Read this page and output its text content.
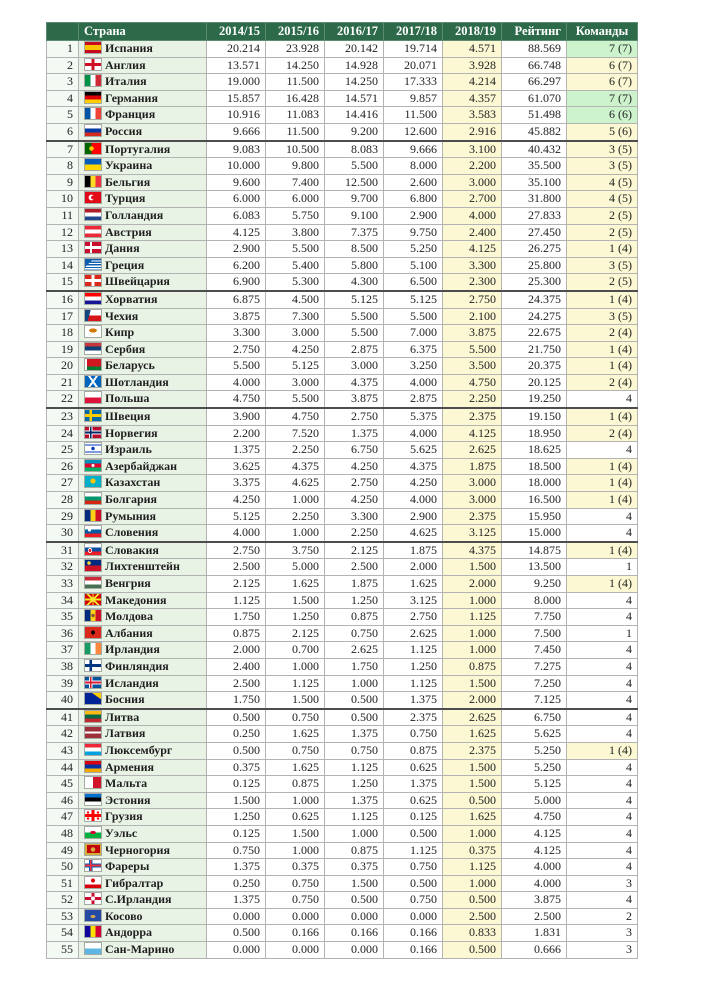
	Страна	2014/15	2015/16	2016/17	2017/18	2018/19	Рейтинг	Команды
1	Испания	20.214	23.928	20.142	19.714	4.571	88.569	7 (7)
2	Англия	13.571	14.250	14.928	20.071	3.928	66.748	6 (7)
3	Италия	19.000	11.500	14.250	17.333	4.214	66.297	6 (7)
4	Германия	15.857	16.428	14.571	9.857	4.357	61.070	7 (7)
5	Франция	10.916	11.083	14.416	11.500	3.583	51.498	6 (6)
6	Россия	9.666	11.500	9.200	12.600	2.916	45.882	5 (6)
7	Португалия	9.083	10.500	8.083	9.666	3.100	40.432	3 (5)
8	Украина	10.000	9.800	5.500	8.000	2.200	35.500	3 (5)
9	Бельгия	9.600	7.400	12.500	2.600	3.000	35.100	4 (5)
10	Турция	6.000	6.000	9.700	6.800	2.700	31.800	4 (5)
11	Голландия	6.083	5.750	9.100	2.900	4.000	27.833	2 (5)
12	Австрия	4.125	3.800	7.375	9.750	2.400	27.450	2 (5)
13	Дания	2.900	5.500	8.500	5.250	4.125	26.275	1 (4)
14	Греция	6.200	5.400	5.800	5.100	3.300	25.800	3 (5)
15	Швейцария	6.900	5.300	4.300	6.500	2.300	25.300	2 (5)
16	Хорватия	6.875	4.500	5.125	5.125	2.750	24.375	1 (4)
17	Чехия	3.875	7.300	5.500	5.500	2.100	24.275	3 (5)
18	Кипр	3.300	3.000	5.500	7.000	3.875	22.675	2 (4)
19	Сербия	2.750	4.250	2.875	6.375	5.500	21.750	1 (4)
20	Беларусь	5.500	5.125	3.000	3.250	3.500	20.375	1 (4)
21	Шотландия	4.000	3.000	4.375	4.000	4.750	20.125	2 (4)
22	Польша	4.750	5.500	3.875	2.875	2.250	19.250	4
23	Швеция	3.900	4.750	2.750	5.375	2.375	19.150	1 (4)
24	Норвегия	2.200	7.520	1.375	4.000	4.125	18.950	2 (4)
25	Израиль	1.375	2.250	6.750	5.625	2.625	18.625	4
26	Азербайджан	3.625	4.375	4.250	4.375	1.875	18.500	1 (4)
27	Казахстан	3.375	4.625	2.750	4.250	3.000	18.000	1 (4)
28	Болгария	4.250	1.000	4.250	4.000	3.000	16.500	1 (4)
29	Румыния	5.125	2.250	3.300	2.900	2.375	15.950	4
30	Словения	4.000	1.000	2.250	4.625	3.125	15.000	4
31	Словакия	2.750	3.750	2.125	1.875	4.375	14.875	1 (4)
32	Лихтенштейн	2.500	5.000	2.500	2.000	1.500	13.500	1
33	Венгрия	2.125	1.625	1.875	1.625	2.000	9.250	1 (4)
34	Македония	1.125	1.500	1.250	3.125	1.000	8.000	4
35	Молдова	1.750	1.250	0.875	2.750	1.125	7.750	4
36	Албания	0.875	2.125	0.750	2.625	1.000	7.500	1
37	Ирландия	2.000	0.700	2.625	1.125	1.000	7.450	4
38	Финляндия	2.400	1.000	1.750	1.250	0.875	7.275	4
39	Исландия	2.500	1.125	1.000	1.125	1.500	7.250	4
40	Босния	1.750	1.500	0.500	1.375	2.000	7.125	4
41	Литва	0.500	0.750	0.500	2.375	2.625	6.750	4
42	Латвия	0.250	1.625	1.375	0.750	1.625	5.625	4
43	Люксембург	0.500	0.750	0.750	0.875	2.375	5.250	1 (4)
44	Армения	0.375	1.625	1.125	0.625	1.500	5.250	4
45	Мальта	0.125	0.875	1.250	1.375	1.500	5.125	4
46	Эстония	1.500	1.000	1.375	0.625	0.500	5.000	4
47	Грузия	1.250	0.625	1.125	0.125	1.625	4.750	4
48	Уэльс	0.125	1.500	1.000	0.500	1.000	4.125	4
49	Черногория	0.750	1.000	0.875	1.125	0.375	4.125	4
50	Фареры	1.375	0.375	0.375	0.750	1.125	4.000	4
51	Гибралтар	0.250	0.750	1.500	0.500	1.000	4.000	3
52	С.Ирландия	1.375	0.750	0.500	0.750	0.500	3.875	4
53	Косово	0.000	0.000	0.000	0.000	2.500	2.500	2
54	Андорра	0.500	0.166	0.166	0.166	0.833	1.831	3
55	Сан-Марино	0.000	0.000	0.000	0.166	0.500	0.666	3
